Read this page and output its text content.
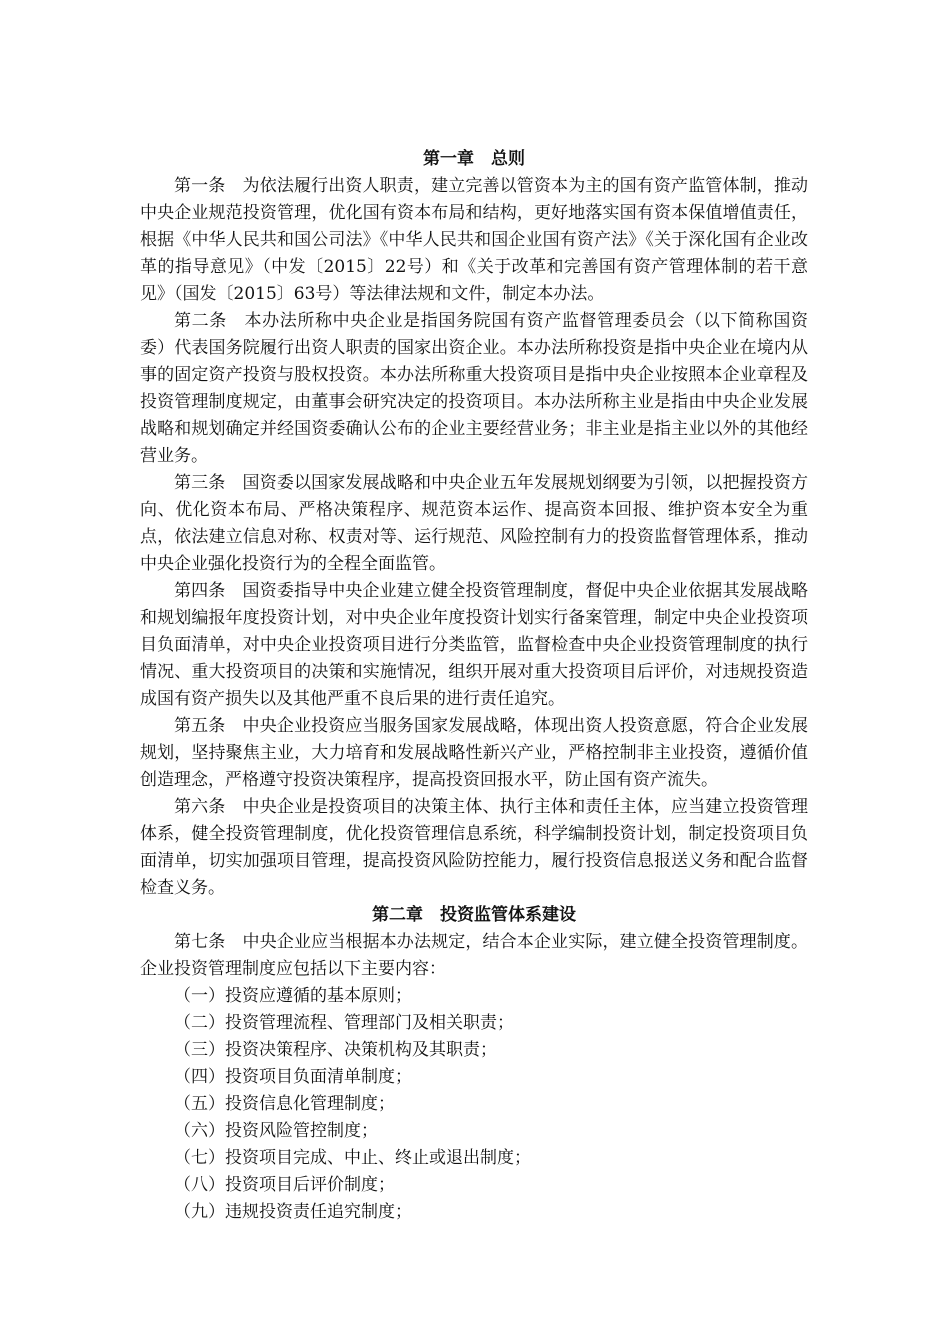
第一章　总则

第一条　为依法履行出资人职责，建立完善以管资本为主的国有资产监管体制，推动中央企业规范投资管理，优化国有资本布局和结构，更好地落实国有资本保值增值责任，根据《中华人民共和国公司法》《中华人民共和国企业国有资产法》《关于深化国有企业改革的指导意见》（中发〔2015〕22号）和《关于改革和完善国有资产管理体制的若干意见》（国发〔2015〕63号）等法律法规和文件，制定本办法。

第二条　本办法所称中央企业是指国务院国有资产监督管理委员会（以下简称国资委）代表国务院履行出资人职责的国家出资企业。本办法所称投资是指中央企业在境内从事的固定资产投资与股权投资。本办法所称重大投资项目是指中央企业按照本企业章程及投资管理制度规定，由董事会研究决定的投资项目。本办法所称主业是指由中央企业发展战略和规划确定并经国资委确认公布的企业主要经营业务；非主业是指主业以外的其他经营业务。

第三条　国资委以国家发展战略和中央企业五年发展规划纲要为引领，以把握投资方向、优化资本布局、严格决策程序、规范资本运作、提高资本回报、维护资本安全为重点，依法建立信息对称、权责对等、运行规范、风险控制有力的投资监督管理体系，推动中央企业强化投资行为的全程全面监管。

第四条　国资委指导中央企业建立健全投资管理制度，督促中央企业依据其发展战略和规划编报年度投资计划，对中央企业年度投资计划实行备案管理，制定中央企业投资项目负面清单，对中央企业投资项目进行分类监管，监督检查中央企业投资管理制度的执行情况、重大投资项目的决策和实施情况，组织开展对重大投资项目后评价，对违规投资造成国有资产损失以及其他严重不良后果的进行责任追究。

第五条　中央企业投资应当服务国家发展战略，体现出资人投资意愿，符合企业发展规划，坚持聚焦主业，大力培育和发展战略性新兴产业，严格控制非主业投资，遵循价值创造理念，严格遵守投资决策程序，提高投资回报水平，防止国有资产流失。

第六条　中央企业是投资项目的决策主体、执行主体和责任主体，应当建立投资管理体系，健全投资管理制度，优化投资管理信息系统，科学编制投资计划，制定投资项目负面清单，切实加强项目管理，提高投资风险防控能力，履行投资信息报送义务和配合监督检查义务。

第二章　投资监管体系建设

第七条　中央企业应当根据本办法规定，结合本企业实际，建立健全投资管理制度。企业投资管理制度应包括以下主要内容：

（一）投资应遵循的基本原则；

（二）投资管理流程、管理部门及相关职责；

（三）投资决策程序、决策机构及其职责；

（四）投资项目负面清单制度；

（五）投资信息化管理制度；

（六）投资风险管控制度；

（七）投资项目完成、中止、终止或退出制度；

（八）投资项目后评价制度；

（九）违规投资责任追究制度；
